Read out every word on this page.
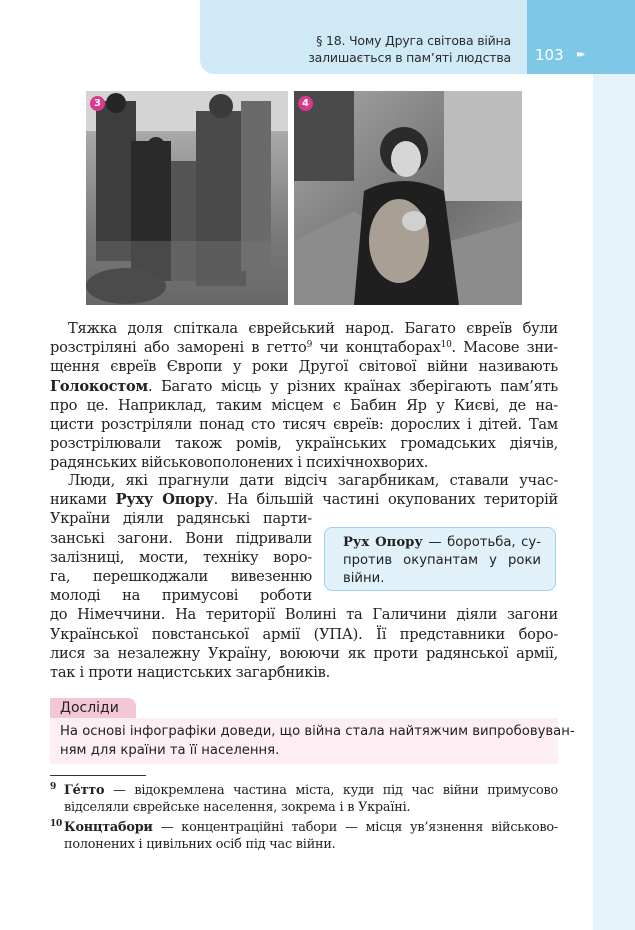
§ 18. Чому Друга світова війна
залишається в пам’яті людства 103 ▸▸
3	4
Тяжка доля спіткала єврейський народ. Багато євреїв були
розстріляні або заморені в гетто$^9$ чи концтаборах$^{10}$. Масове зни-
щення євреїв Європи у роки Другої світової війни називають
Голокостом. Багато місць у різних країнах зберігають пам’ять
про це. Наприклад, таким місцем є Бабин Яр у Києві, де на-
цисти розстріляли понад сто тисяч євреїв: дорослих і дітей. Там
розстрілювали також ромів, українських громадських діячів,
радянських військовополонених і психічнохворих.
Люди, які прагнули дати відсіч загарбникам, ставали учас-
никами Руху Опору. На більшій частині окупованих територій
України діяли радянські парти-
занські загони. Вони підривали
залізниці, мости, техніку воро-
га, перешкоджали вивезенню
молоді на примусові роботи
до Німеччини. На території Волині та Галичини діяли загони
Української повстанської армії (УПА). Її представники боро-
лися за незалежну Україну, воюючи як проти радянської армії,
так і проти нацистських загарбників.
Рух Опору — боротьба, су-
против окупантам у роки
війни.
Досліди
На основі інфографіки доведи, що війна стала найтяжчим випробовуван-
ням для країни та її населення.
9 Ге́тто — відокремлена частина міста, куди під час війни примусово
відселяли єврейське населення, зокрема і в Україні.
10 Концтабори — концентраційні табори — місця ув’язнення військово-
полонених і цивільних осіб під час війни.
